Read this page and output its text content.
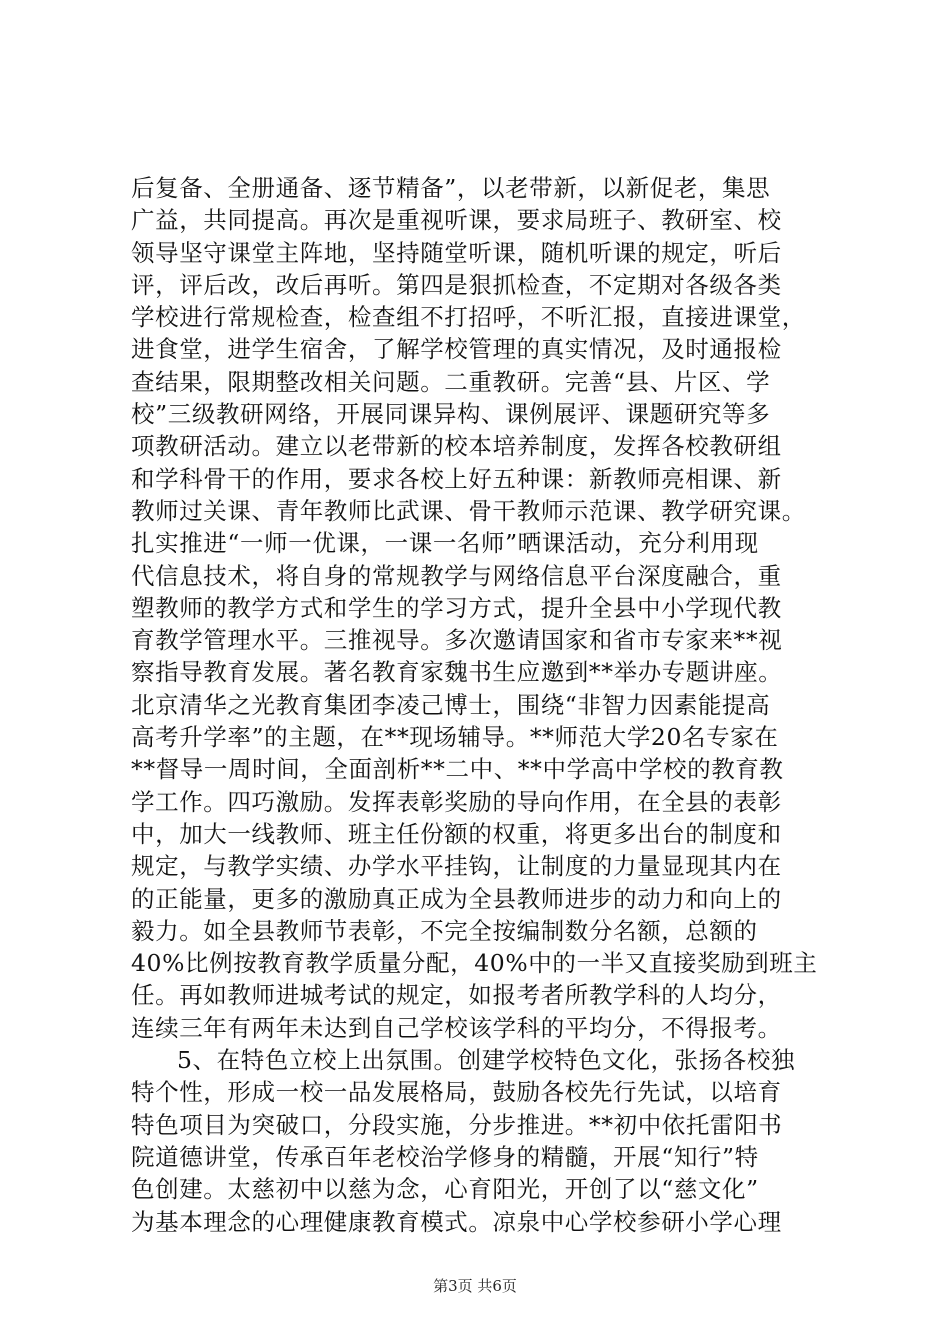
后复备、全册通备、逐节精备”，以老带新，以新促老，集思
广益，共同提高。再次是重视听课，要求局班子、教研室、校
领导坚守课堂主阵地，坚持随堂听课，随机听课的规定，听后
评，评后改，改后再听。第四是狠抓检查，不定期对各级各类
学校进行常规检查，检查组不打招呼，不听汇报，直接进课堂，
进食堂，进学生宿舍，了解学校管理的真实情况，及时通报检
查结果，限期整改相关问题。二重教研。完善“县、片区、学
校”三级教研网络，开展同课异构、课例展评、课题研究等多
项教研活动。建立以老带新的校本培养制度，发挥各校教研组
和学科骨干的作用，要求各校上好五种课：新教师亮相课、新
教师过关课、青年教师比武课、骨干教师示范课、教学研究课。
扎实推进“一师一优课，一课一名师”晒课活动，充分利用现
代信息技术，将自身的常规教学与网络信息平台深度融合，重
塑教师的教学方式和学生的学习方式，提升全县中小学现代教
育教学管理水平。三推视导。多次邀请国家和省市专家来**视
察指导教育发展。著名教育家魏书生应邀到**举办专题讲座。
北京清华之光教育集团李凌己博士，围绕“非智力因素能提高
高考升学率”的主题，在**现场辅导。**师范大学20名专家在
**督导一周时间，全面剖析**二中、**中学高中学校的教育教
学工作。四巧激励。发挥表彰奖励的导向作用，在全县的表彰
中，加大一线教师、班主任份额的权重，将更多出台的制度和
规定，与教学实绩、办学水平挂钩，让制度的力量显现其内在
的正能量，更多的激励真正成为全县教师进步的动力和向上的
毅力。如全县教师节表彰，不完全按编制数分名额，总额的
40%比例按教育教学质量分配，40%中的一半又直接奖励到班主
任。再如教师进城考试的规定，如报考者所教学科的人均分，
连续三年有两年未达到自己学校该学科的平均分，不得报考。
5、在特色立校上出氛围。创建学校特色文化，张扬各校独
特个性，形成一校一品发展格局，鼓励各校先行先试，以培育
特色项目为突破口，分段实施，分步推进。**初中依托雷阳书
院道德讲堂，传承百年老校治学修身的精髓，开展“知行”特
色创建。太慈初中以慈为念，心育阳光，开创了以“慈文化”
为基本理念的心理健康教育模式。凉泉中心学校参研小学心理
第3页 共6页
